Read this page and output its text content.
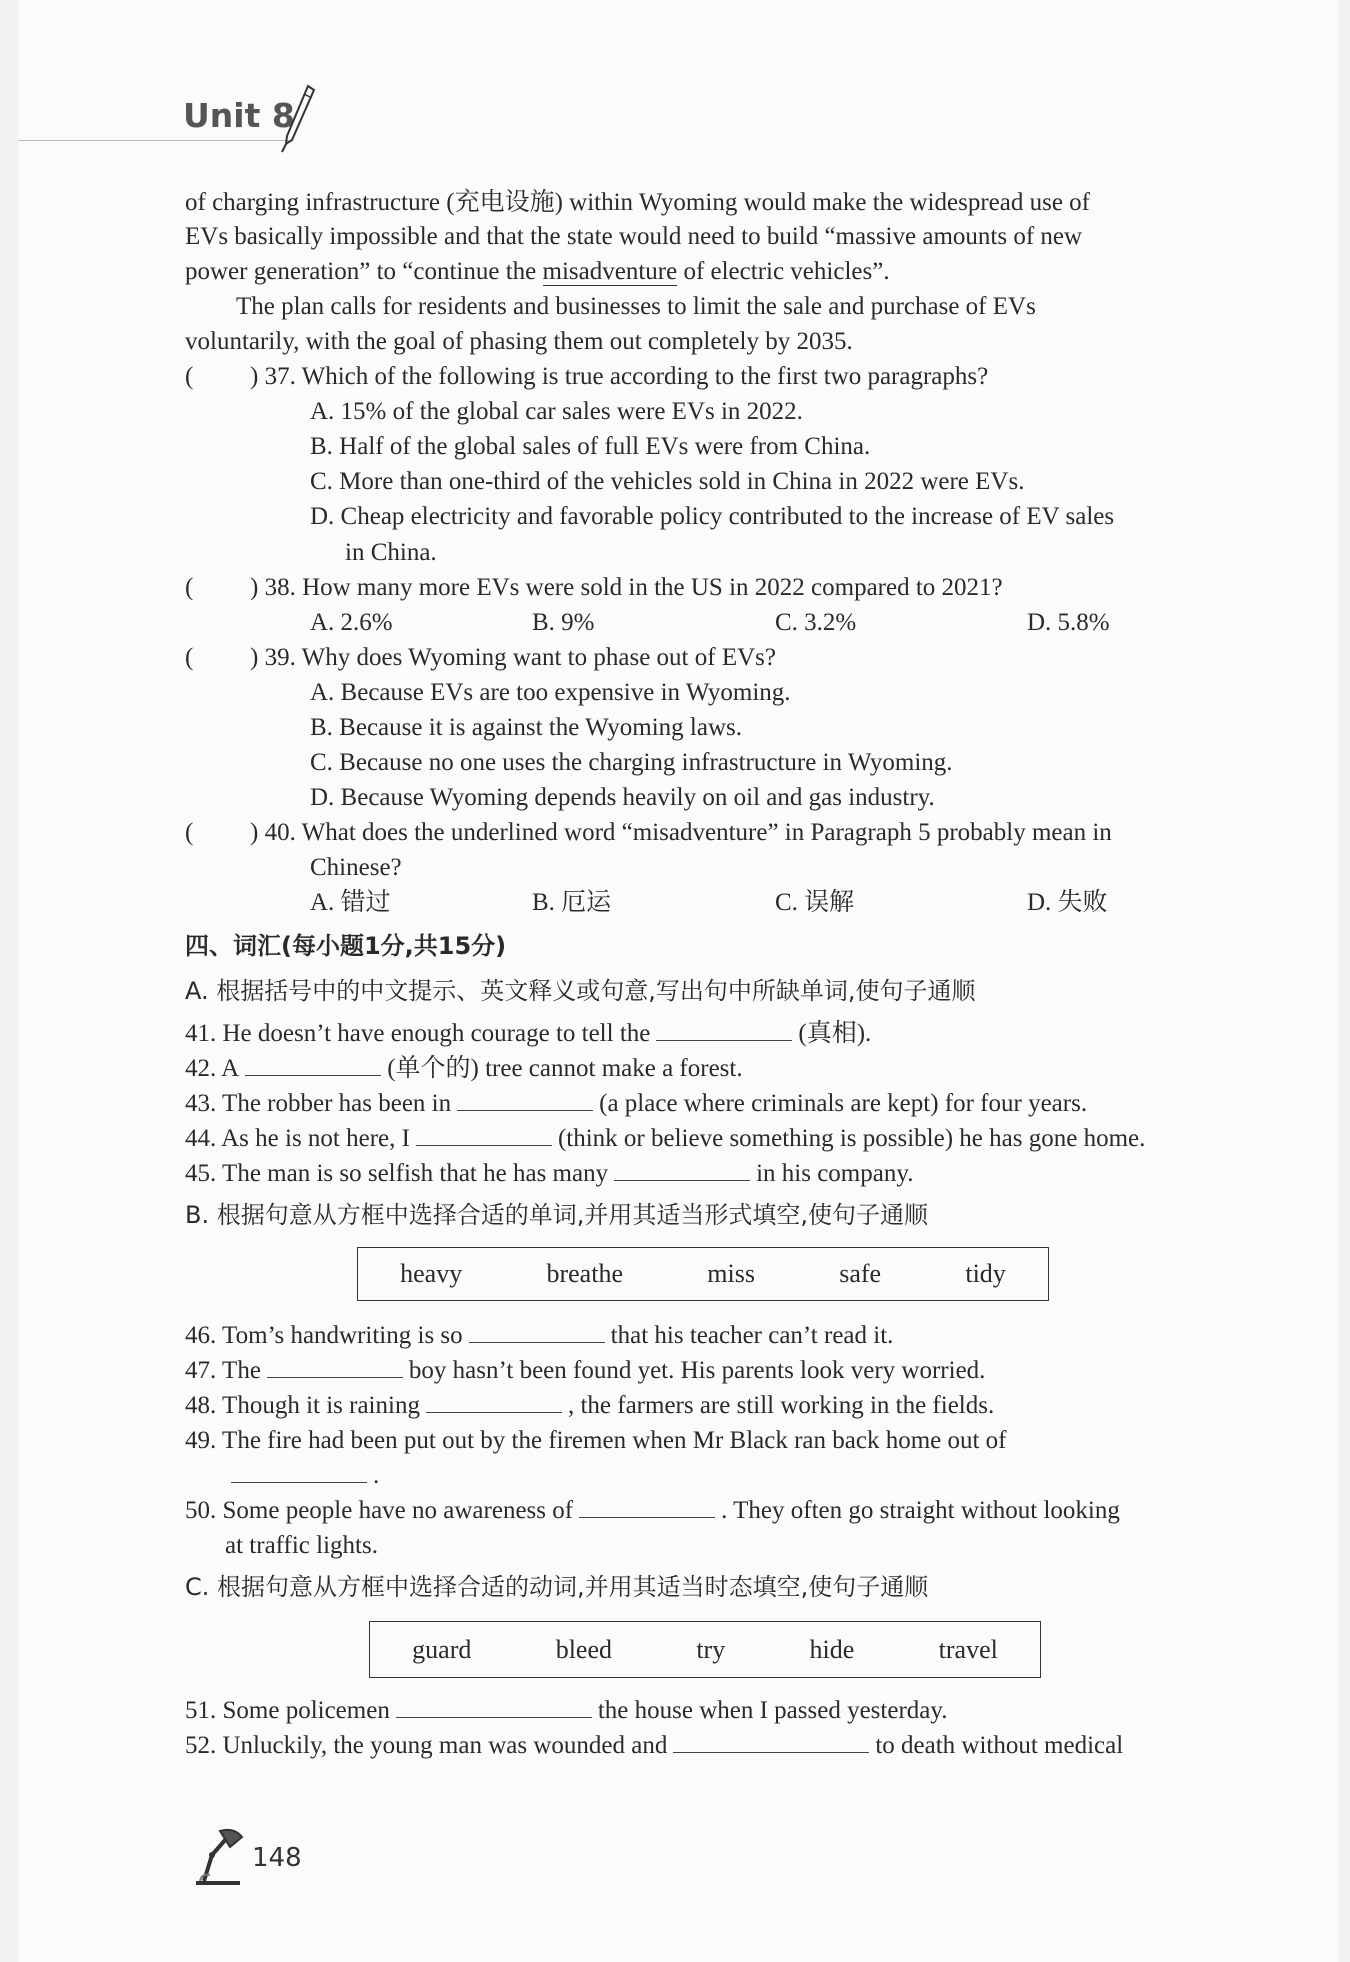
Unit 8
of charging infrastructure (充电设施) within Wyoming would make the widespread use of
EVs basically impossible and that the state would need to build “massive amounts of new
power generation” to “continue the misadventure of electric vehicles”.
The plan calls for residents and businesses to limit the sale and purchase of EVs
voluntarily, with the goal of phasing them out completely by 2035.
( ) 37. Which of the following is true according to the first two paragraphs?
A. 15% of the global car sales were EVs in 2022.
B. Half of the global sales of full EVs were from China.
C. More than one-third of the vehicles sold in China in 2022 were EVs.
D. Cheap electricity and favorable policy contributed to the increase of EV sales
in China.
( ) 38. How many more EVs were sold in the US in 2022 compared to 2021?
A. 2.6%	B. 9%	C. 3.2%	D. 5.8%
( ) 39. Why does Wyoming want to phase out of EVs?
A. Because EVs are too expensive in Wyoming.
B. Because it is against the Wyoming laws.
C. Because no one uses the charging infrastructure in Wyoming.
D. Because Wyoming depends heavily on oil and gas industry.
( ) 40. What does the underlined word “misadventure” in Paragraph 5 probably mean in
Chinese?
A. 错过	B. 厄运	C. 误解	D. 失败
四、词汇(每小题1分,共15分)
A. 根据括号中的中文提示、英文释义或句意,写出句中所缺单词,使句子通顺
41. He doesn’t have enough courage to tell the	(真相).
42. A	(单个的) tree cannot make a forest.
43. The robber has been in	(a place where criminals are kept) for four years.
44. As he is not here, I	(think or believe something is possible) he has gone home.
45. The man is so selfish that he has many	in his company.
B. 根据句意从方框中选择合适的单词,并用其适当形式填空,使句子通顺
heavy	breathe	miss	safe	tidy
46. Tom’s handwriting is so	that his teacher can’t read it.
47. The	boy hasn’t been found yet. His parents look very worried.
48. Though it is raining	, the farmers are still working in the fields.
49. The fire had been put out by the firemen when Mr Black ran back home out of
.
50. Some people have no awareness of	. They often go straight without looking
at traffic lights.
C. 根据句意从方框中选择合适的动词,并用其适当时态填空,使句子通顺
guard	bleed	try	hide	travel
51. Some policemen	the house when I passed yesterday.
52. Unluckily, the young man was wounded and	to death without medical
148
